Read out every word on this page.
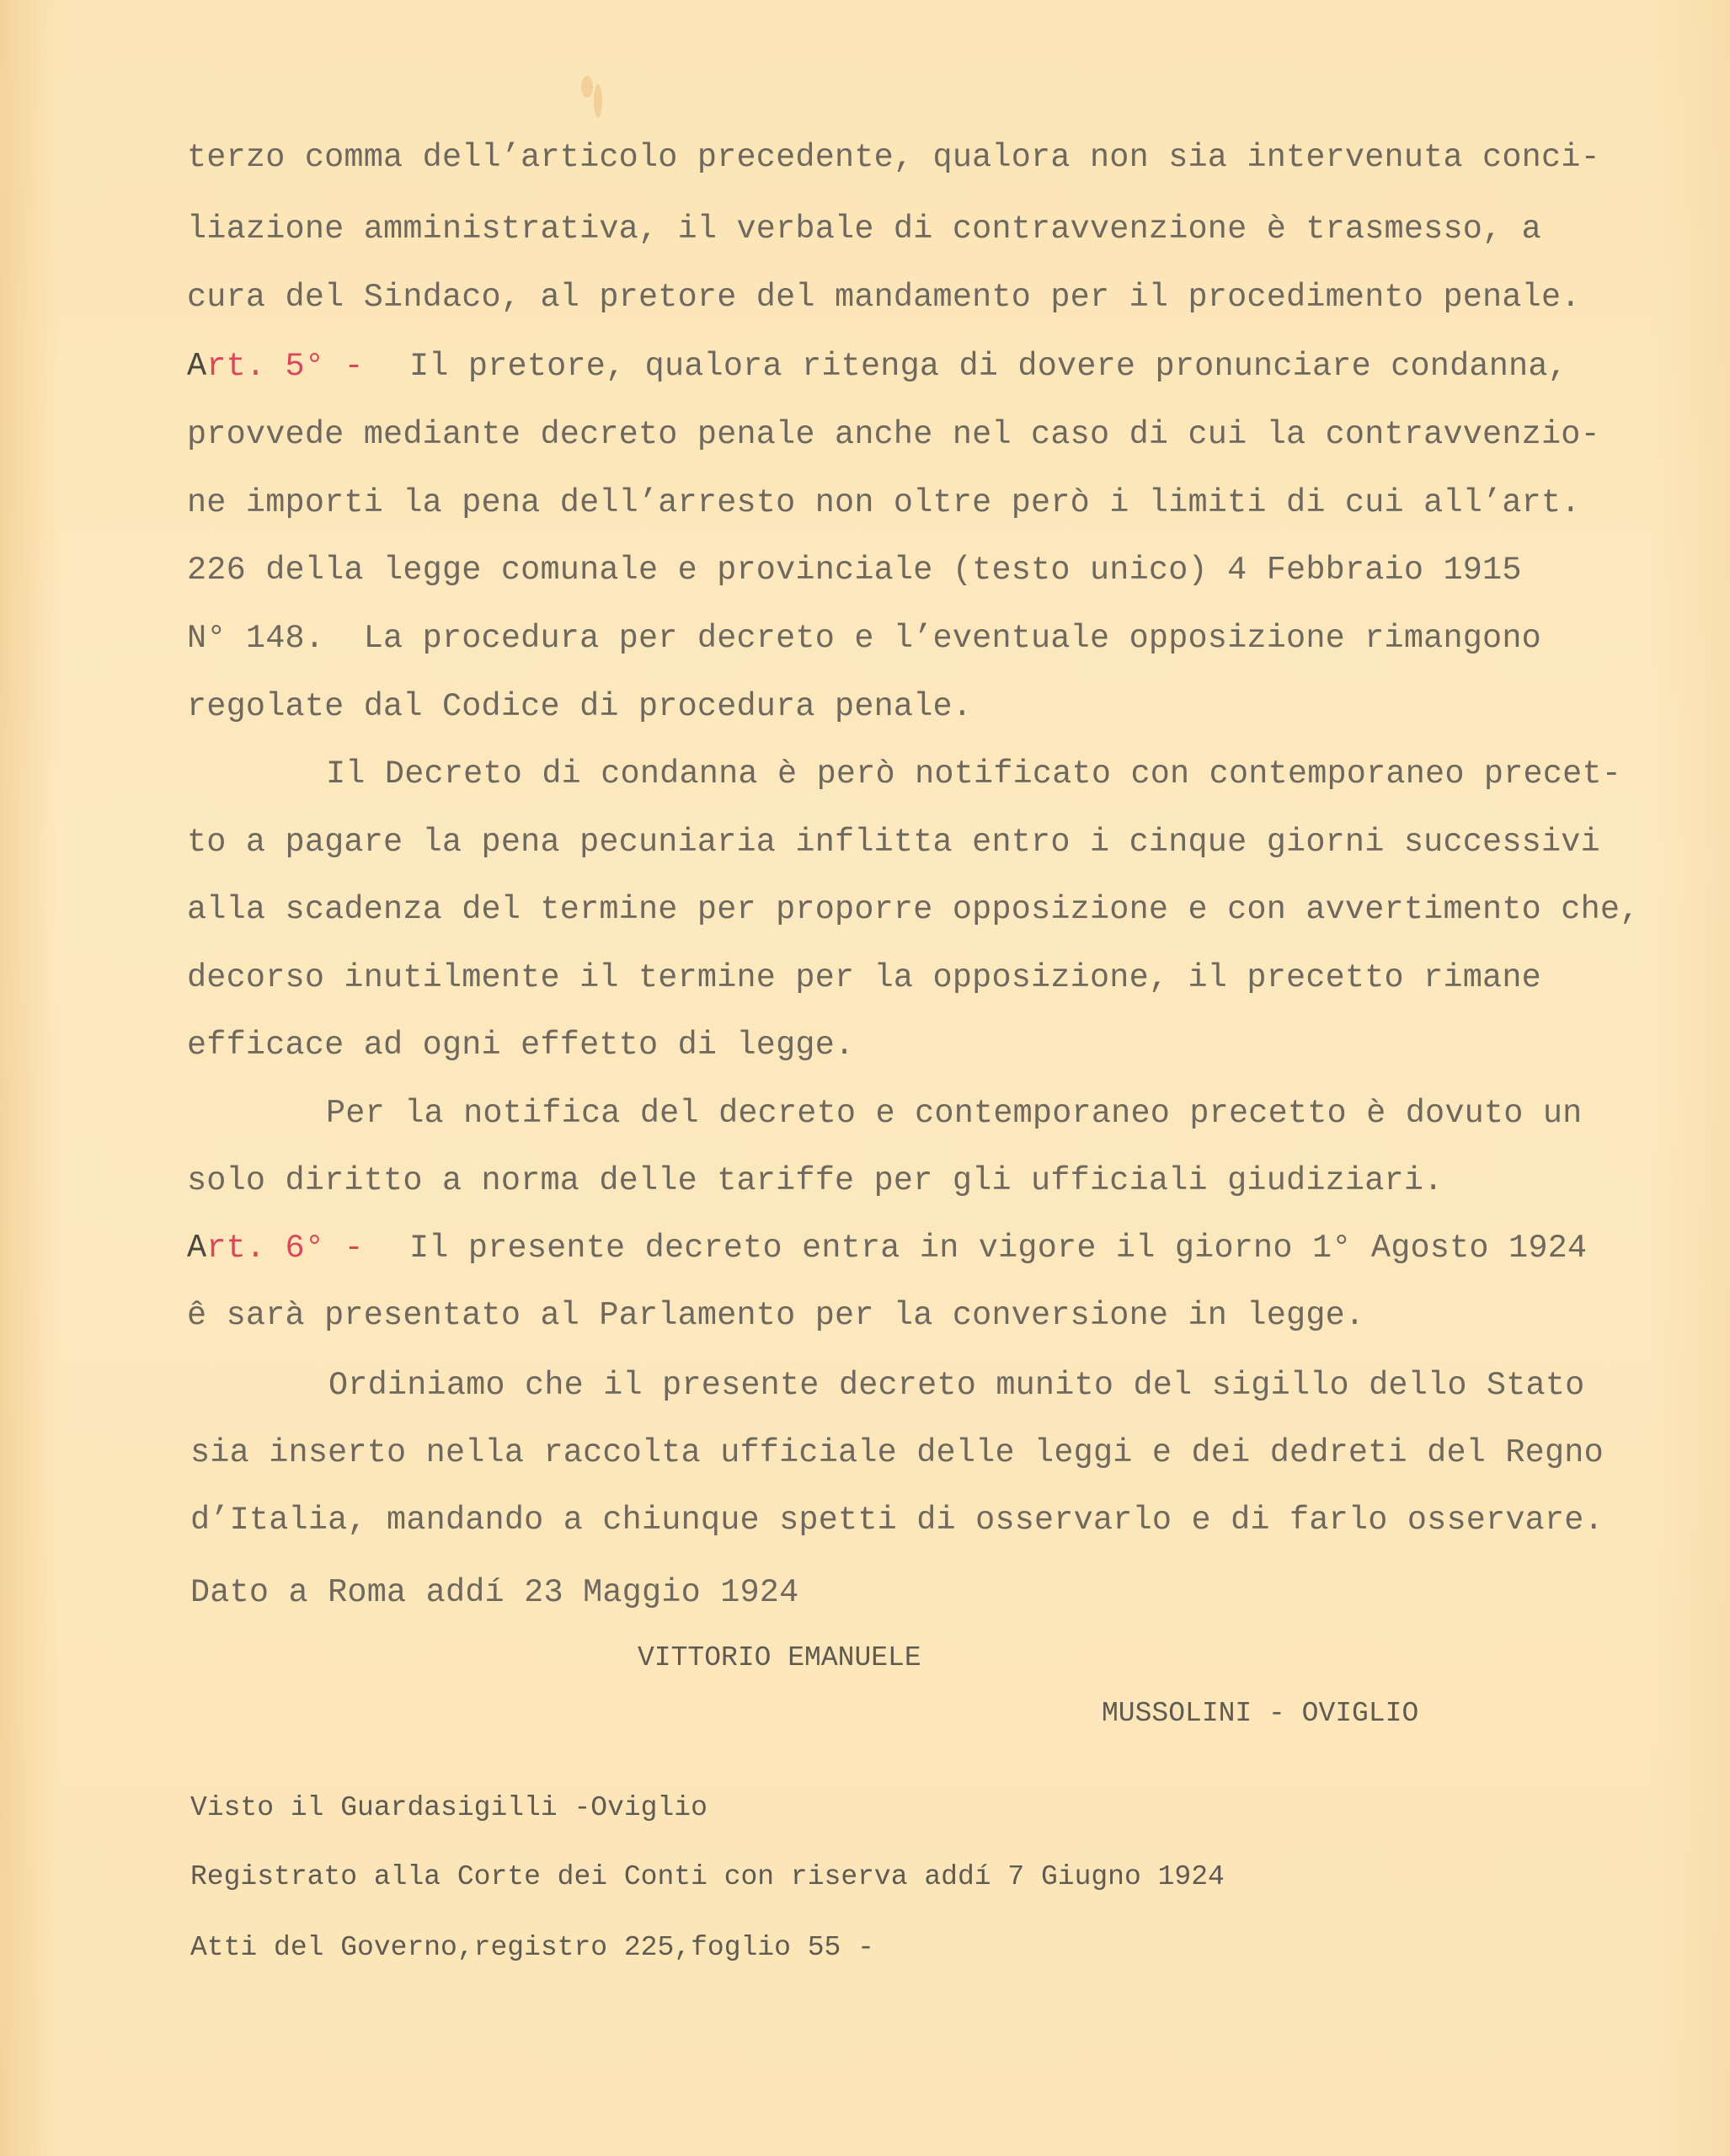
terzo comma dell’articolo precedente, qualora non sia intervenuta conci-
liazione amministrativa, il verbale di contravvenzione è trasmesso, a
cura del Sindaco, al pretore del mandamento per il procedimento penale.
Art. 5° - Il pretore, qualora ritenga di dovere pronunciare condanna,
provvede mediante decreto penale anche nel caso di cui la contravvenzio-
ne importi la pena dell’arresto non oltre però i limiti di cui all’art.
226 della legge comunale e provinciale (testo unico) 4 Febbraio 1915
N° 148.  La procedura per decreto e l’eventuale opposizione rimangono
regolate dal Codice di procedura penale.
Il Decreto di condanna è però notificato con contemporaneo precet-
to a pagare la pena pecuniaria inflitta entro i cinque giorni successivi
alla scadenza del termine per proporre opposizione e con avvertimento che,
decorso inutilmente il termine per la opposizione, il precetto rimane
efficace ad ogni effetto di legge.
Per la notifica del decreto e contemporaneo precetto è dovuto un
solo diritto a norma delle tariffe per gli ufficiali giudiziari.
Art. 6° - Il presente decreto entra in vigore il giorno 1° Agosto 1924
ê sarà presentato al Parlamento per la conversione in legge.
Ordiniamo che il presente decreto munito del sigillo dello Stato
sia inserto nella raccolta ufficiale delle leggi e dei dedreti del Regno
d’Italia, mandando a chiunque spetti di osservarlo e di farlo osservare.
Dato a Roma addí 23 Maggio 1924
VITTORIO EMANUELE
MUSSOLINI - OVIGLIO
Visto il Guardasigilli -Oviglio
Registrato alla Corte dei Conti con riserva addí 7 Giugno 1924
Atti del Governo,registro 225,foglio 55 -
